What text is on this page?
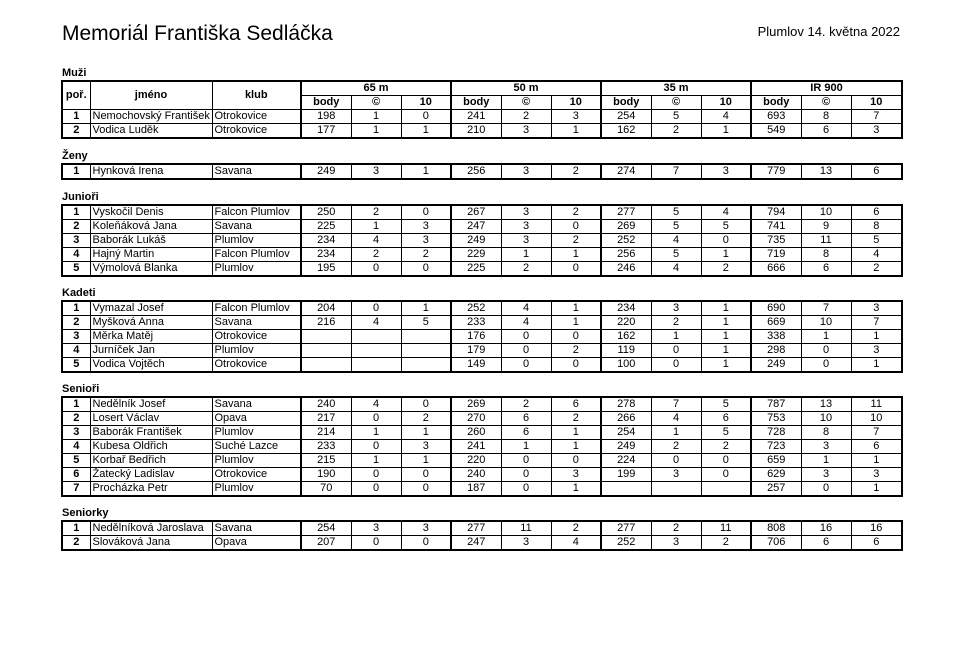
Memoriál Františka Sedláčka	Plumlov 14. května 2022
Muži
poř.	jméno	klub	65 m			50 m			35 m			IR 900		
			body	©	10	body	©	10	body	©	10	body	©	10
1	Nemochovský František	Otrokovice	198	1	0	241	2	3	254	5	4	693	8	7
2	Vodica Luděk	Otrokovice	177	1	1	210	3	1	162	2	1	549	6	3
Ženy
1	Hynková Irena	Savana	249	3	1	256	3	2	274	7	3	779	13	6
Junioři
1	Vyskočil Denis	Falcon Plumlov	250	2	0	267	3	2	277	5	4	794	10	6
2	Koleňáková Jana	Savana	225	1	3	247	3	0	269	5	5	741	9	8
3	Baborák Lukáš	Plumlov	234	4	3	249	3	2	252	4	0	735	11	5
4	Hajný Martin	Falcon Plumlov	234	2	2	229	1	1	256	5	1	719	8	4
5	Výmolová Blanka	Plumlov	195	0	0	225	2	0	246	4	2	666	6	2
Kadeti
1	Vymazal Josef	Falcon Plumlov	204	0	1	252	4	1	234	3	1	690	7	3
2	Myšková Anna	Savana	216	4	5	233	4	1	220	2	1	669	10	7
3	Měrka Matěj	Otrokovice				176	0	0	162	1	1	338	1	1
4	Jurníček Jan	Plumlov				179	0	2	119	0	1	298	0	3
5	Vodica Vojtěch	Otrokovice				149	0	0	100	0	1	249	0	1
Senioři
1	Nedělník Josef	Savana	240	4	0	269	2	6	278	7	5	787	13	11
2	Losert Václav	Opava	217	0	2	270	6	2	266	4	6	753	10	10
3	Baborák František	Plumlov	214	1	1	260	6	1	254	1	5	728	8	7
4	Kubesa Oldřich	Suché Lazce	233	0	3	241	1	1	249	2	2	723	3	6
5	Korbař Bedřich	Plumlov	215	1	1	220	0	0	224	0	0	659	1	1
6	Žatecký Ladislav	Otrokovice	190	0	0	240	0	3	199	3	0	629	3	3
7	Procházka Petr	Plumlov	70	0	0	187	0	1				257	0	1
Seniorky
1	Nedělníková Jaroslava	Savana	254	3	3	277	11	2	277	2	11	808	16	16
2	Slováková Jana	Opava	207	0	0	247	3	4	252	3	2	706	6	6
